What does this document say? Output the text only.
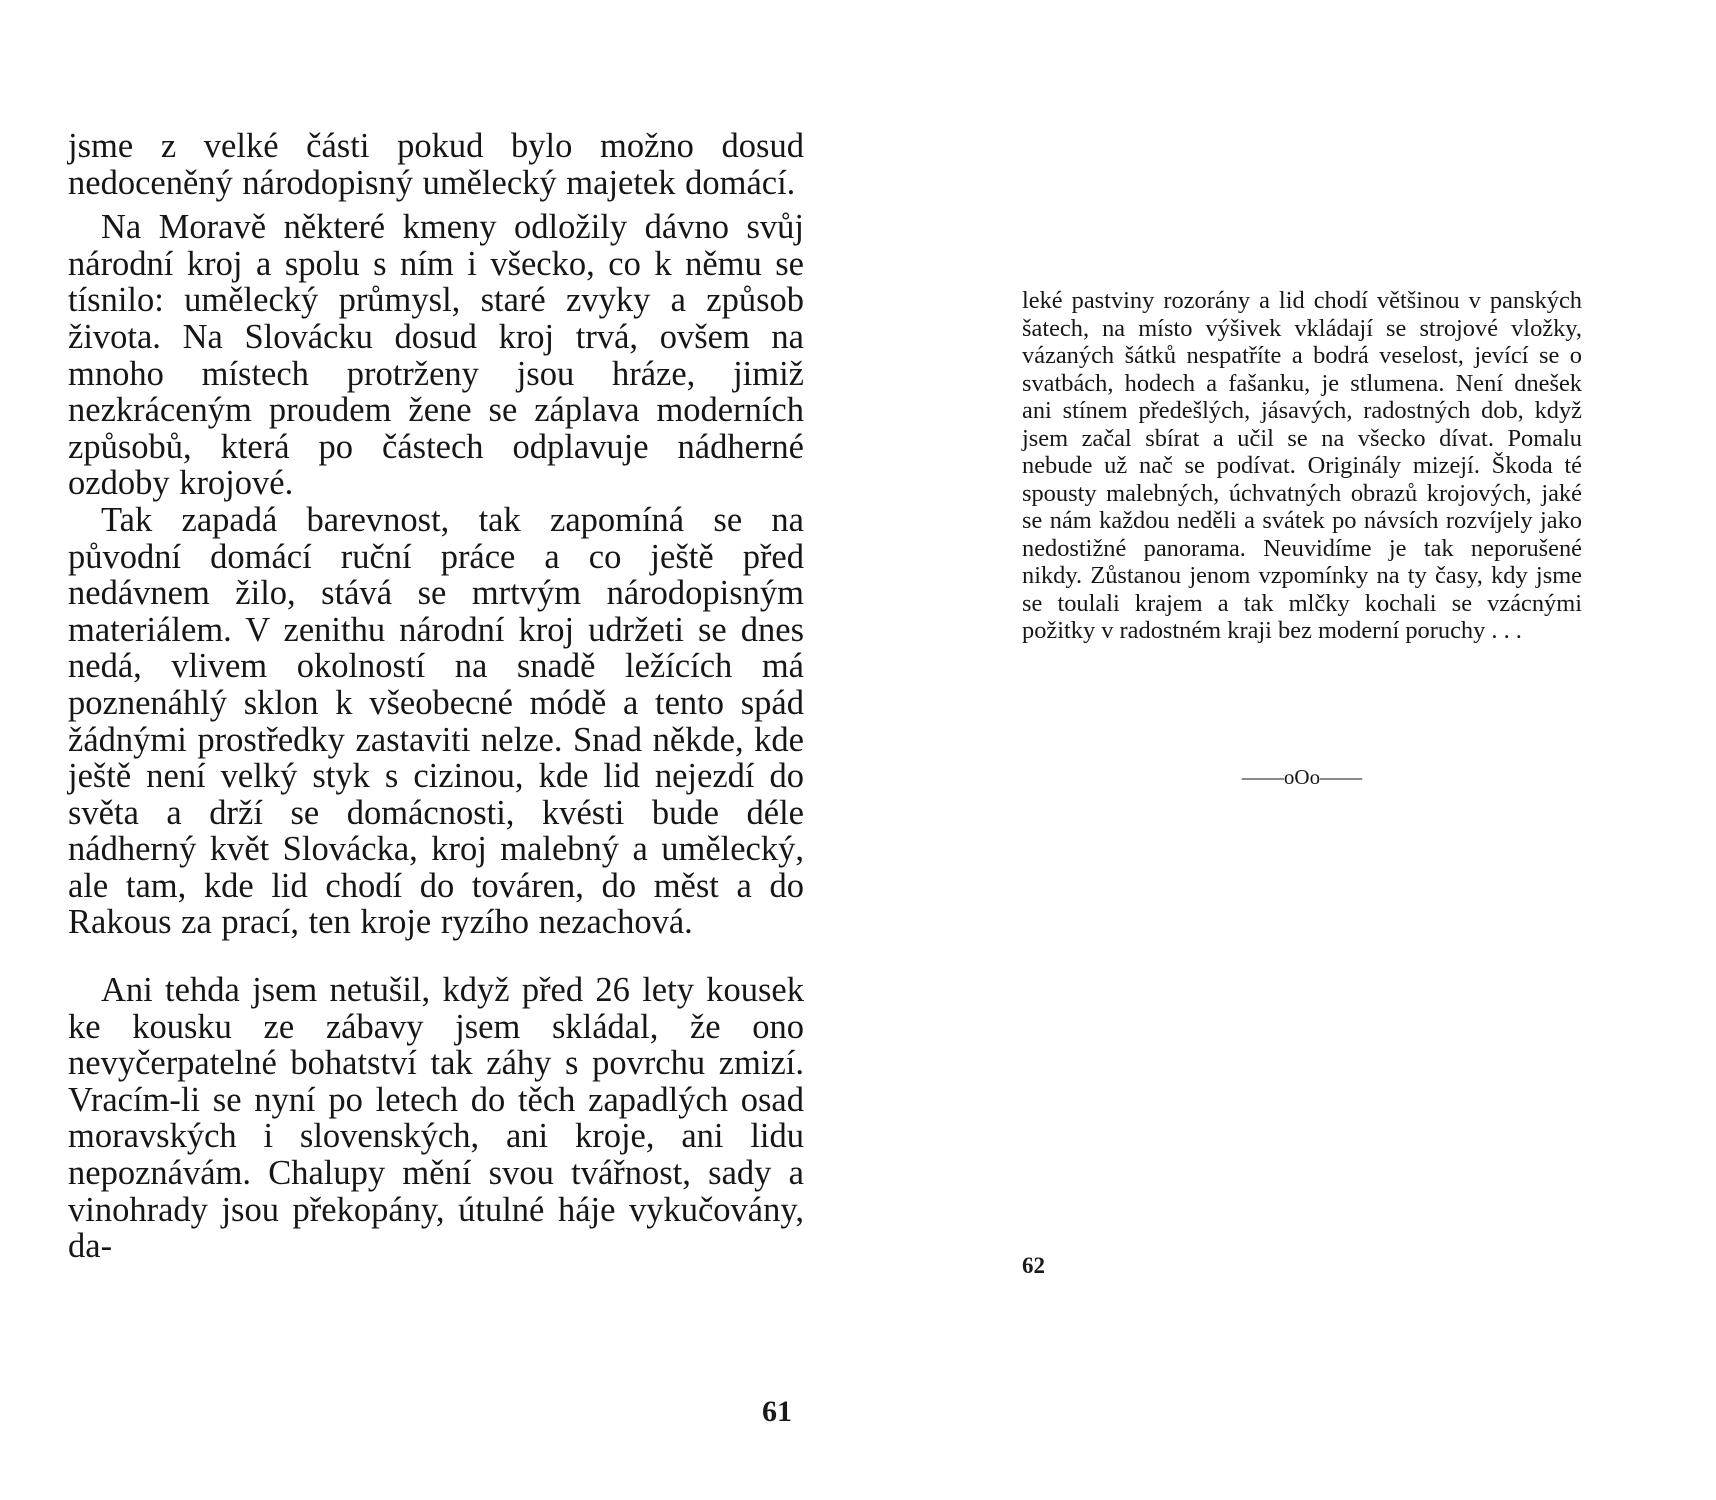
jsme z velké části pokud bylo možno dosud nedoceněný národopisný umělecký majetek domácí.

Na Moravě některé kmeny odložily dávno svůj národní kroj a spolu s ním i všecko, co k němu se tísnilo: umělecký průmysl, staré zvyky a způsob života. Na Slovácku dosud kroj trvá, ovšem na mnoho místech protrženy jsou hráze, jimiž nezkráceným proudem žene se záplava moderních způsobů, která po částech odplavuje nádherné ozdoby krojové.

Tak zapadá barevnost, tak zapomíná se na původní domácí ruční práce a co ještě před nedávnem žilo, stává se mrtvým národopisným materiálem. V zenithu národní kroj udržeti se dnes nedá, vlivem okolností na snadě ležících má poznenáhlý sklon k všeobecné módě a tento spád žádnými prostředky zastaviti nelze. Snad někde, kde ještě není velký styk s cizinou, kde lid nejezdí do světa a drží se domácnosti, kvésti bude déle nádherný květ Slovácka, kroj malebný a umělecký, ale tam, kde lid chodí do továren, do měst a do Rakous za prací, ten kroje ryzího nezachová.

Ani tehda jsem netušil, když před 26 lety kousek ke kousku ze zábavy jsem skládal, že ono nevyčerpatelné bohatství tak záhy s povrchu zmizí. Vracím-li se nyní po letech do těch zapadlých osad moravských i slovenských, ani kroje, ani lidu nepoznávám. Chalupy mění svou tvářnost, sady a vinohrady jsou překopány, útulné háje vykučovány, da-

61

leké pastviny rozorány a lid chodí většinou v panských šatech, na místo výšivek vkládají se strojové vložky, vázaných šátků nespatříte a bodrá veselost, jevící se o svatbách, hodech a fašanku, je stlumena. Není dnešek ani stínem předešlých, jásavých, radostných dob, když jsem začal sbírat a učil se na všecko dívat. Pomalu nebude už nač se podívat. Originály mizejí. Škoda té spousty malebných, úchvatných obrazů krojových, jaké se nám každou neděli a svátek po návsích rozvíjely jako nedostižné panorama. Neuvidíme je tak neporušené nikdy. Zůstanou jenom vzpomínky na ty časy, kdy jsme se toulali krajem a tak mlčky kochali se vzácnými požitky v radostném kraji bez moderní poruchy . . .

——oOo——
62
